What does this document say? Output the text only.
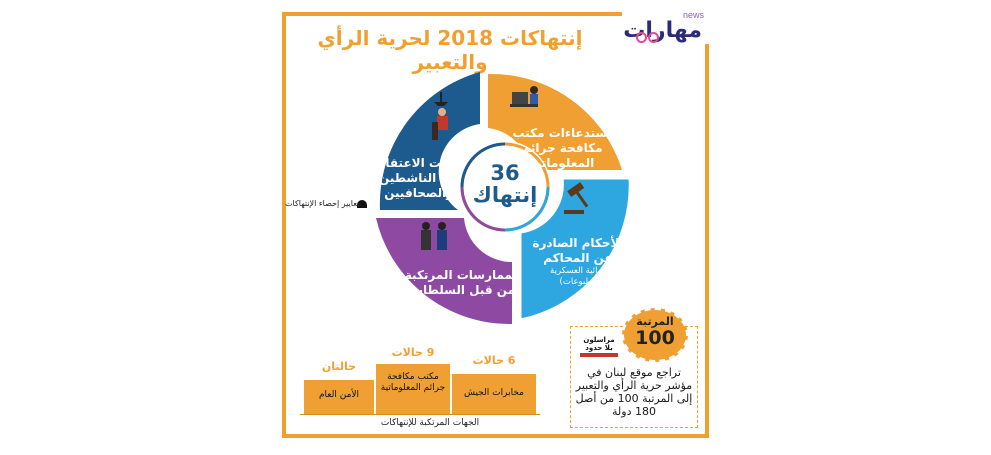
إنتهاكات 2018 لحرية الرأي والتعبير
news
مهارات
استدعاءات مكتب مكافحة جرائم المعلوماتية
الأحكام الصادرة عن المحاكم
(الجزائية العسكرية والمطبوعات)
الممارسات المرتكبة من قبل السلطات
حالات الاعتقال ضد الناشطين والصحافيين
36
إنتهاك
معايير إحصاء الإنتهاكات
المرتبة
100
مراسلون بلا حدود
تراجع موقع لبنان في مؤشر حرية الرأي والتعبير إلى المرتبة 100 من أصل 180 دولة
6 حالات
مخابرات الجيش
9 حالات
مكتب مكافحة جرائم المعلوماتية
حالتان
الأمن العام
الجهات المرتكبة للإنتهاكات
